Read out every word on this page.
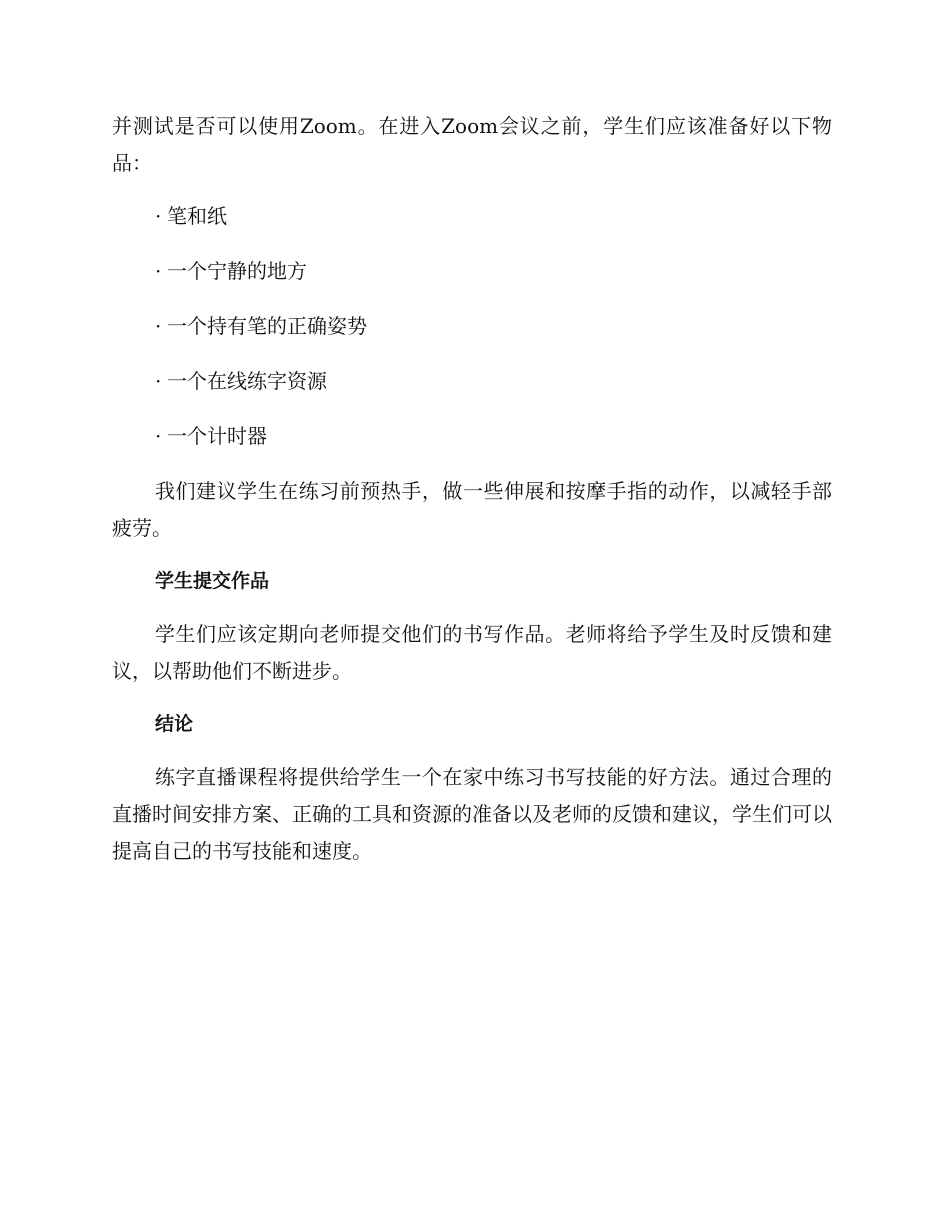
并测试是否可以使用Zoom。在进入Zoom会议之前，学生们应该准备好以下物品：

· 笔和纸
· 一个宁静的地方
· 一个持有笔的正确姿势
· 一个在线练字资源
· 一个计时器

我们建议学生在练习前预热手，做一些伸展和按摩手指的动作，以减轻手部疲劳。

学生提交作品

学生们应该定期向老师提交他们的书写作品。老师将给予学生及时反馈和建议，以帮助他们不断进步。

结论

练字直播课程将提供给学生一个在家中练习书写技能的好方法。通过合理的直播时间安排方案、正确的工具和资源的准备以及老师的反馈和建议，学生们可以提高自己的书写技能和速度。
